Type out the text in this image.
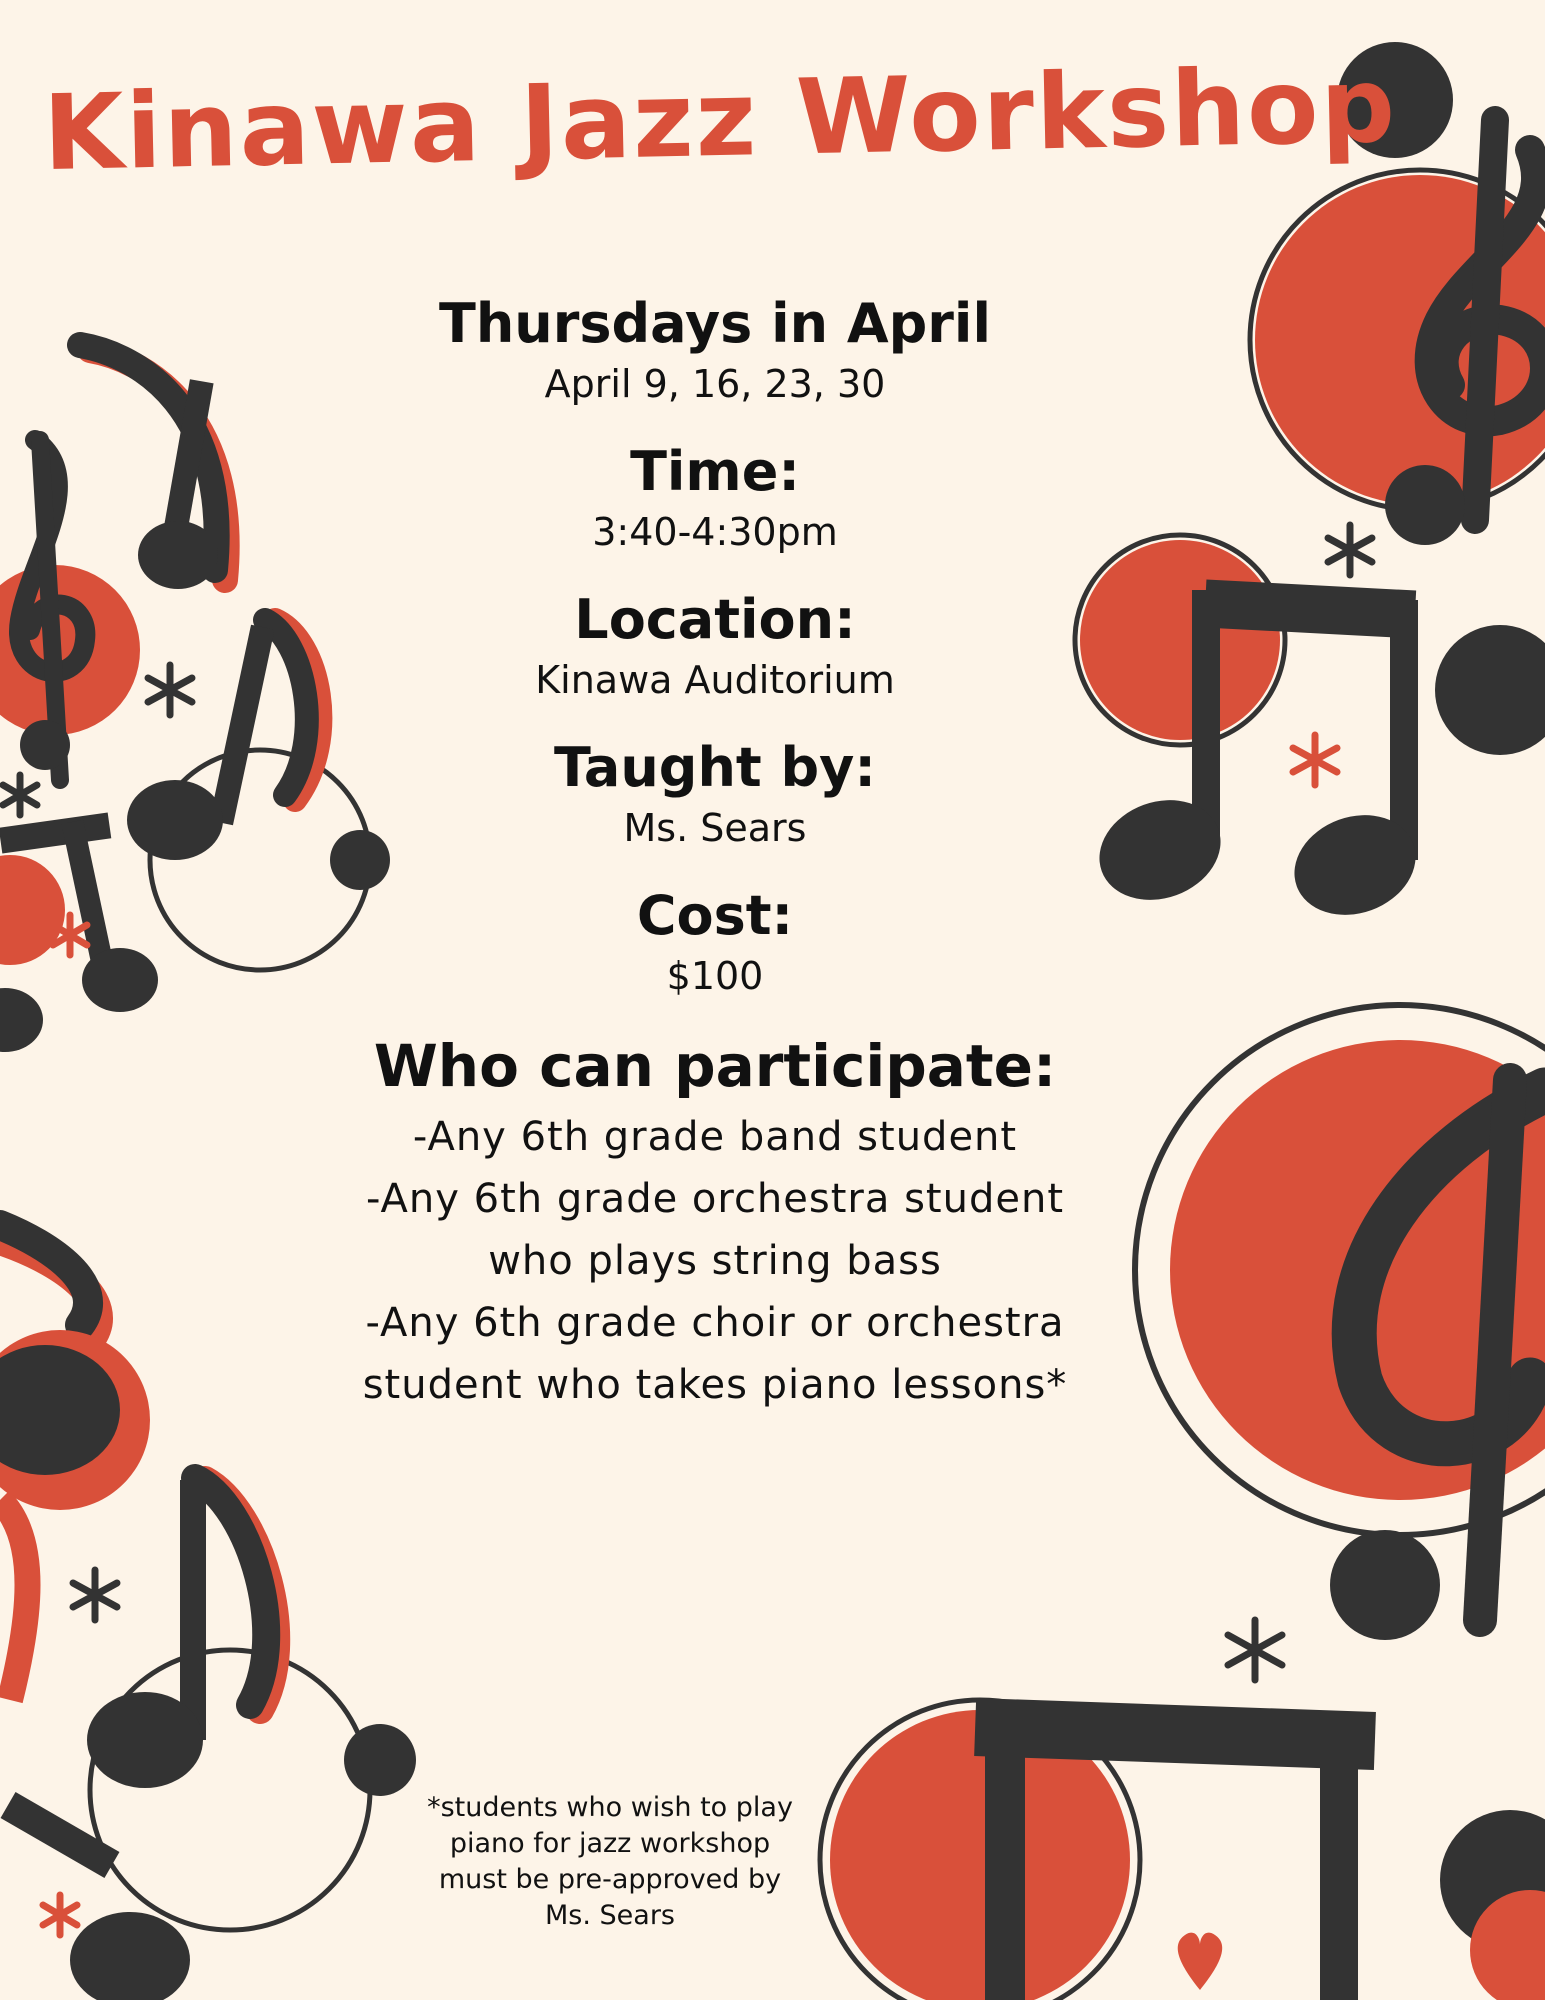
Kinawa Jazz Workshop

Thursdays in April

April 9, 16, 23, 30

Time:

3:40-4:30pm

Location:

Kinawa Auditorium

Taught by:

Ms. Sears

Cost:

$100

Who can participate:

-Any 6th grade band student
-Any 6th grade orchestra student
who plays string bass
-Any 6th grade choir or orchestra
student who takes piano lessons*
*students who wish to play piano for jazz workshop must be pre-approved by Ms. Sears
